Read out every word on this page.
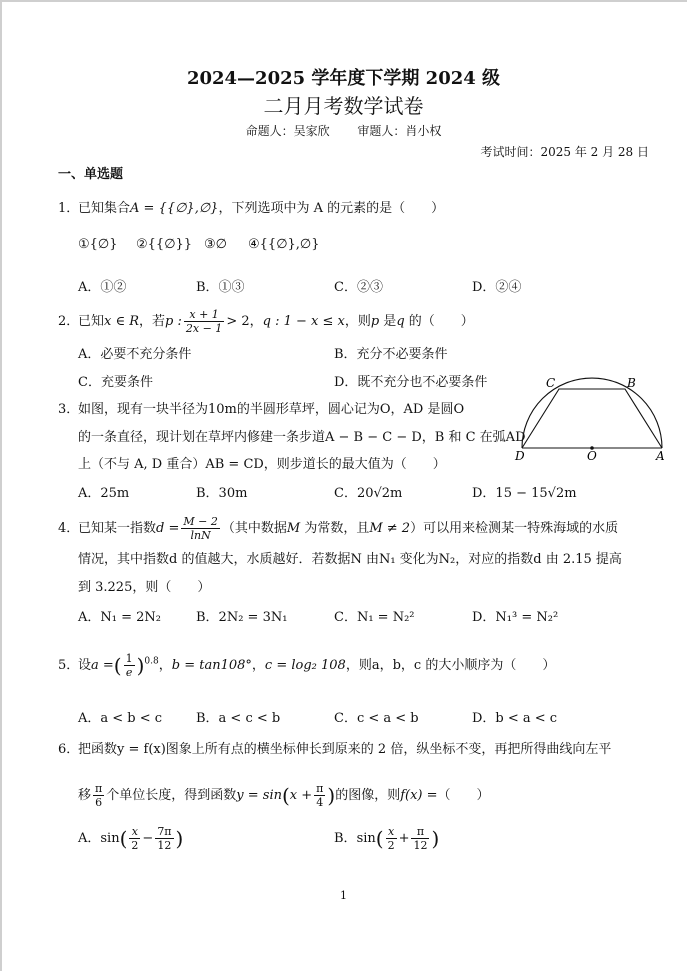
2024—2025 学年度下学期 2024 级
二月月考数学试卷
命题人：吴家欣 审题人：肖小权
考试时间：2025 年 2 月 28 日
一、单选题
1．已知集合A = {{∅},∅}，下列选项中为 A 的元素的是（　　）
①{∅} ②{{∅}} ③∅ ④{{∅},∅}
A．①②	B．①③	C．②③	D．②④
2．已知x ∈ R，若p : $\frac{x + 1}{2x - 1} > 2$，q : 1 − x ≤ x，则p 是q 的（　　）
A．必要不充分条件	B．充分不必要条件
C．充要条件	D．既不充分也不必要条件
3．如图，现有一块半径为10m的半圆形草坪，圆心记为O，AD 是圆O
的一条直径，现计划在草坪内修建一条步道A − B − C − D，B 和 C 在弧AD
上（不与 A, D 重合）AB = CD，则步道长的最大值为（　　）
A．25m	B．30m	C．20√2m	D．15 − 15√2m
C	B
D	O	A
4．已知某一指数$d = \frac{M - 2}{\ln N}$ （其中数据M 为常数，且M ≠ 2）可以用来检测某一特殊海域的水质
情况，其中指数d 的值越大，水质越好．若数据N 由N₁ 变化为N₂，对应的指数d 由 2.15 提高
到 3.225，则（　　）
A．N₁ = 2N₂	B．2N₂ = 3N₁	C．N₁ = N₂²	D．N₁³ = N₂²
5．设a =( $\frac{1}{e} )^{0.8}$，b = tan108°，c = log₂ 108，则a，b，c 的大小顺序为（　　）
A．a < b < c	B．a < c < b	C．c < a < b	D．b < a < c
6．把函数y = f(x)图象上所有点的横坐标伸长到原来的 2 倍，纵坐标不变，再把所得曲线向左平
移 $\frac{\pi}{6}$ 个单位长度，得到函数$y = \sin(x + \frac{\pi}{4}$ )的图像，则f(x) =（　　）
A．$\sin( \frac{x}{2} - \frac{7\pi}{12}$ )	B．$\sin( \frac{x}{2} + \frac{\pi}{12}$ )
1
